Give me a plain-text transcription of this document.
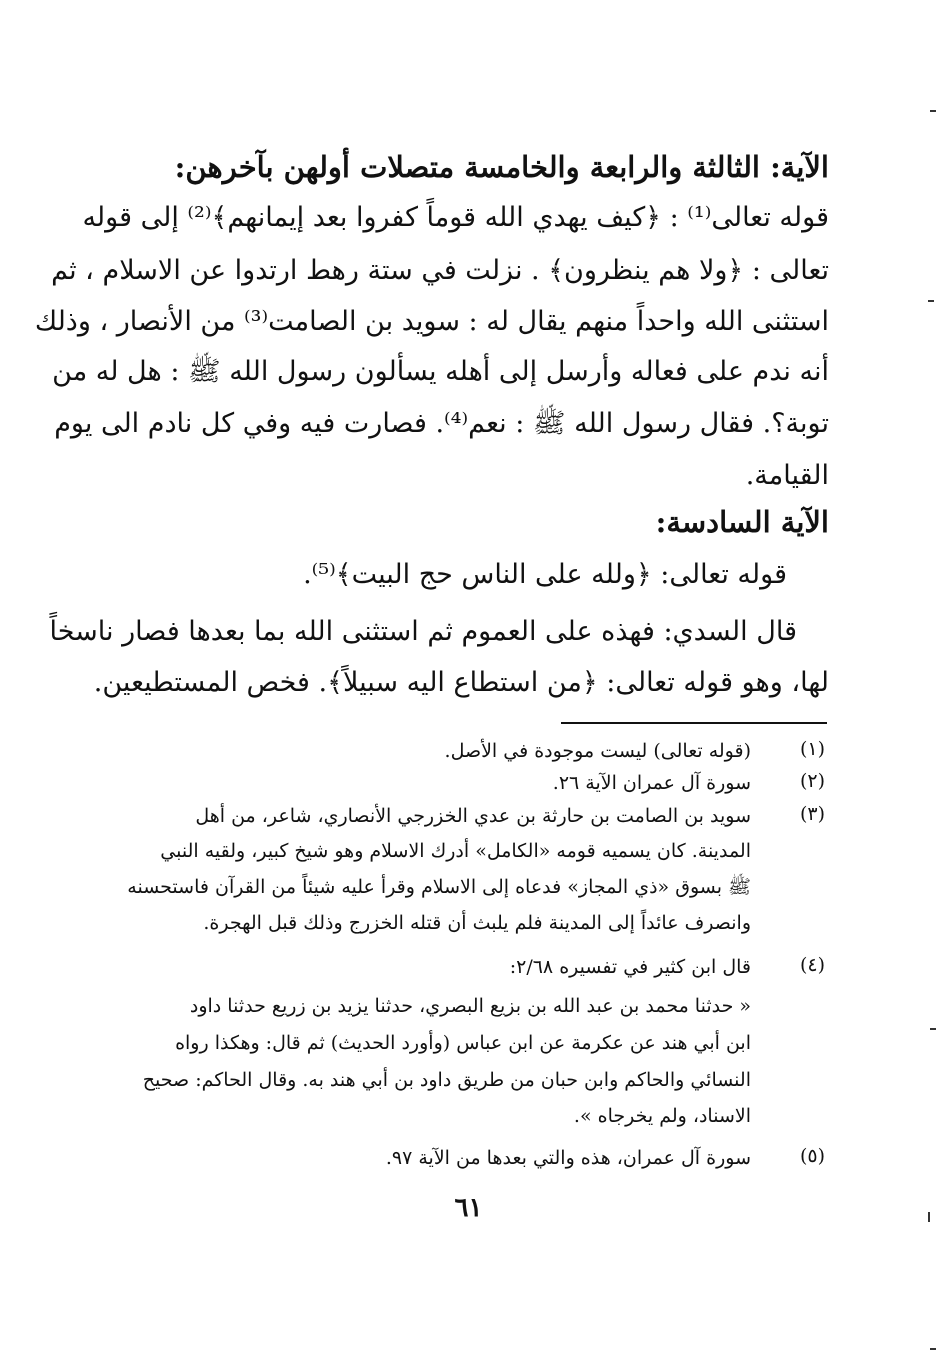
الآية: الثالثة والرابعة والخامسة متصلات أولهن بآخرهن:
قوله تعالى⁽¹⁾ : ﴿كيف يهدي الله قوماً كفروا بعد إيمانهم﴾⁽²⁾ إلى قوله
تعالى : ﴿ولا هم ينظرون﴾ . نزلت في ستة رهط ارتدوا عن الاسلام ، ثم
استثنى الله واحداً منهم يقال له : سويد بن الصامت⁽³⁾ من الأنصار ، وذلك
أنه ندم على فعاله وأرسل إلى أهله يسألون رسول الله ﷺ : هل له من
توبة؟. فقال رسول الله ﷺ : نعم⁽⁴⁾. فصارت فيه وفي كل نادم الى يوم
القيامة.
الآية السادسة:
قوله تعالى: ﴿ولله على الناس حج البيت﴾⁽⁵⁾.
قال السدي: فهذه على العموم ثم استثنى الله بما بعدها فصار ناسخاً
لها، وهو قوله تعالى: ﴿من استطاع اليه سبيلاً﴾. فخص المستطيعين.
(١)
(قوله تعالى) ليست موجودة في الأصل.
(٢)
سورة آل عمران الآية ٢٦.
(٣)
سويد بن الصامت بن حارثة بن عدي الخزرجي الأنصاري، شاعر، من أهل
المدينة. كان يسميه قومه «الكامل» أدرك الاسلام وهو شيخ كبير، ولقيه النبي
ﷺ بسوق «ذي المجاز» فدعاه إلى الاسلام وقرأ عليه شيئاً من القرآن فاستحسنه
وانصرف عائداً إلى المدينة فلم يلبث أن قتله الخزرج وذلك قبل الهجرة.
(٤)
قال ابن كثير في تفسيره ٢/٦٨:
« حدثنا محمد بن عبد الله بن بزيع البصري، حدثنا يزيد بن زريع حدثنا داود
ابن أبي هند عن عكرمة عن ابن عباس (وأورد الحديث) ثم قال: وهكذا رواه
النسائي والحاكم وابن حبان من طريق داود بن أبي هند به. وقال الحاكم: صحيح
الاسناد، ولم يخرجاه ».
(٥)
سورة آل عمران، هذه والتي بعدها من الآية ٩٧.
٦١
